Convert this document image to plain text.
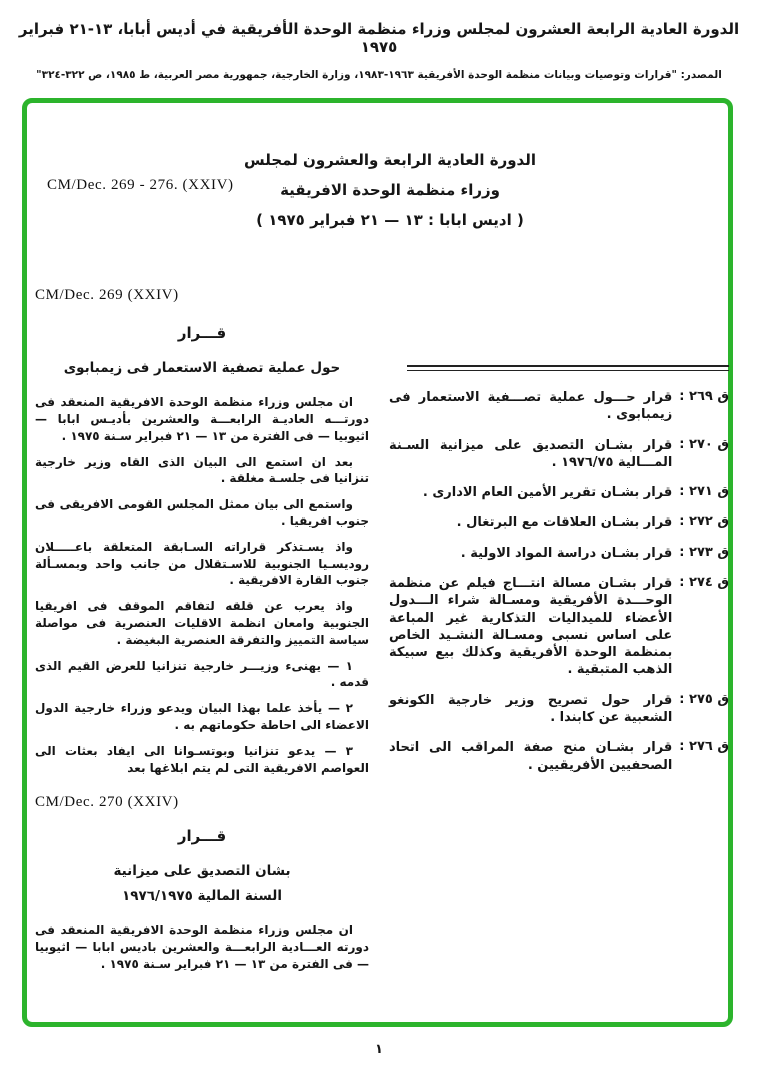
الدورة العادية الرابعة العشرون لمجلس وزراء منظمة الوحدة الأفريقية في أديس أبابا، ١٣-٢١ فبراير ١٩٧٥
المصدر: "قرارات وتوصيات وبيانات منظمة الوحدة الأفريقية ١٩٦٣-١٩٨٣، وزارة الخارجية، جمهورية مصر العربية، ط ١٩٨٥، ص ٣٢٢-٣٢٤"
CM/Dec. 269 - 276. (XXIV)
الدورة العادية الرابعة والعشرون لمجلس
وزراء منظمة الوحدة الافريقية
( اديس ابابا : ١٣ — ٢١ فبراير ١٩٧٥ )
CM/Dec. 269 (XXIV)
قـــرار
حول عملية تصفية الاستعمار فى زيمبابوى

ان مجلس وزراء منظمة الوحدة الافريقية المنعقد فى دورتـــه العاديـة الرابعـــة والعشرين بأديـس ابابا — اثيوبيا — فى الفترة من ١٣ — ٢١ فبراير سـنة ١٩٧٥ .

بعد ان استمع الى البيان الذى القاه وزير خارجية تنزانيا فى جلسـة مغلقة .

واستمع الى بيان ممثل المجلس القومى الافريقى فى جنوب افريقيا .

واذ يسـتذكر قراراته السـابقة المتعلقة باعـــــلان روديسـيا الجنوبية للاسـتقلال من جانب واحد وبمسـألة جنوب القارة الافريقية .

واذ يعرب عن قلقه لتفاقم الموقف فى افريقيا الجنوبية وامعان انظمة الاقليات العنصرية فى مواصلة سياسة التمييز والتفرقة العنصرية البغيضة .

١ — يهنىء وزيـــر خارجية تنزانيا للعرض القيم الذى قدمه .

٢ — يأخذ علما بهذا البيان ويدعو وزراء خارجية الدول الاعضاء الى احاطة حكوماتهم به .

٣ — يدعو تنزانيا وبوتسـوانا الى ايفاد بعثات الى العواصم الافريقية التى لم يتم ابلاغها بعد

CM/Dec. 270 (XXIV)
قـــرار
بشان التصديق على ميزانية
السنة المالية ١٩٧٦/١٩٧٥

ان مجلس وزراء منظمة الوحدة الافريقية المنعقد فى دورته العـــادية الرابعـــة والعشرين باديس ابابا — اثيوبيا — فى الفترة من ١٣ — ٢١ فبراير سـنة ١٩٧٥ .

ق ٢٦٩ :
قرار حـــول عملية تصـــفية الاستعمار فى زيمبابوى .
ق ٢٧٠ :
قرار بشـان التصديق على ميزانية السـنة المـــالية ١٩٧٦/٧٥ .
ق ٢٧١ :
قرار بشـان تقرير الأمين العام الادارى .
ق ٢٧٢ :
قرار بشـان العلاقات مع البرتغال .
ق ٢٧٣ :
قرار بشـان دراسة المواد الاولية .
ق ٢٧٤ :
قرار بشـان مسالة انتـــاج فيلم عن منظمة الوحـــدة الأفريقية ومسـالة شراء الـــدول الأعضاء للميداليات التذكارية غير المباعة على اساس نسبى ومسـالة النشـيد الخاص بمنظمة الوحدة الأفريقية وكذلك بيع سبيكة الذهب المتبقية .
ق ٢٧٥ :
قرار حول تصريح وزير خارجية الكونغو الشعبية عن كابندا .
ق ٢٧٦ :
قرار بشـان منح صفة المراقب الى اتحاد الصحفيين الأفريقيين .
١
